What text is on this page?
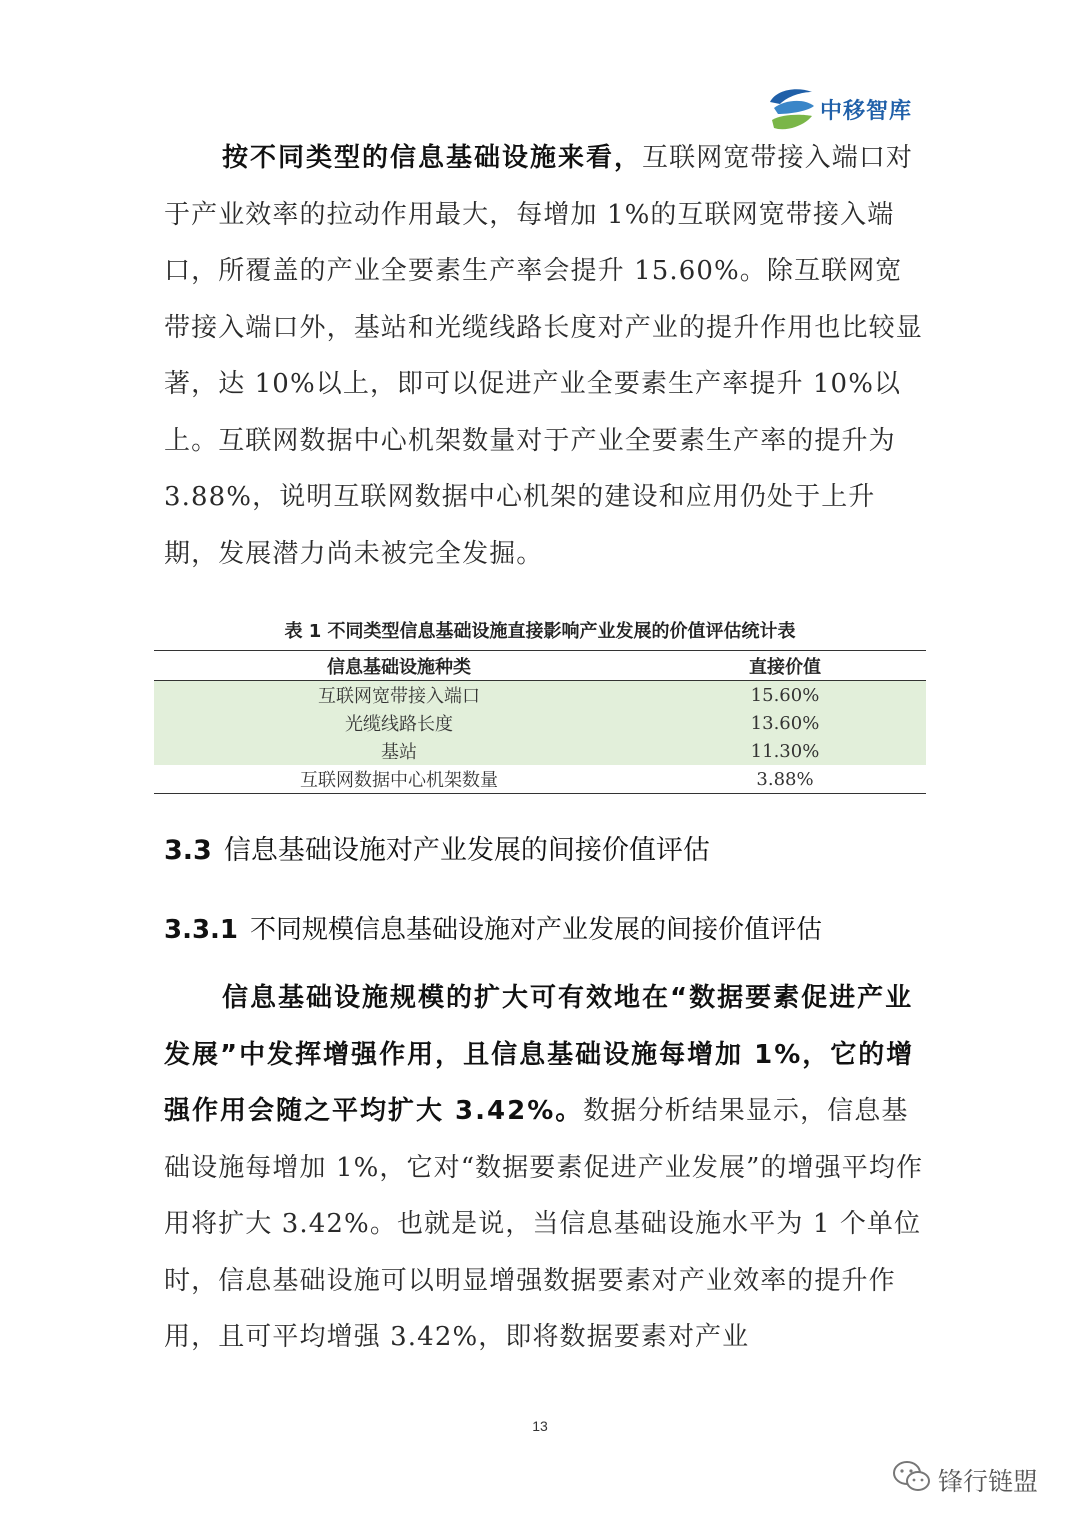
中移智库

按不同类型的信息基础设施来看，互联网宽带接入端口对于产业效率的拉动作用最大，每增加 1%的互联网宽带接入端口，所覆盖的产业全要素生产率会提升 15.60%。除互联网宽带接入端口外，基站和光缆线路长度对产业的提升作用也比较显著，达 10%以上，即可以促进产业全要素生产率提升 10%以上。互联网数据中心机架数量对于产业全要素生产率的提升为 3.88%，说明互联网数据中心机架的建设和应用仍处于上升期，发展潜力尚未被完全发掘。

表 1 不同类型信息基础设施直接影响产业发展的价值评估统计表
信息基础设施种类	直接价值
互联网宽带接入端口	15.60%
光缆线路长度	13.60%
基站	11.30%
互联网数据中心机架数量	3.88%
3.3 信息基础设施对产业发展的间接价值评估
3.3.1 不同规模信息基础设施对产业发展的间接价值评估

信息基础设施规模的扩大可有效地在“数据要素促进产业发展”中发挥增强作用，且信息基础设施每增加 1%，它的增强作用会随之平均扩大 3.42%。数据分析结果显示，信息基础设施每增加 1%，它对“数据要素促进产业发展”的增强平均作用将扩大 3.42%。也就是说，当信息基础设施水平为 1 个单位时，信息基础设施可以明显增强数据要素对产业效率的提升作用，且可平均增强 3.42%，即将数据要素对产业

13
锋行链盟
